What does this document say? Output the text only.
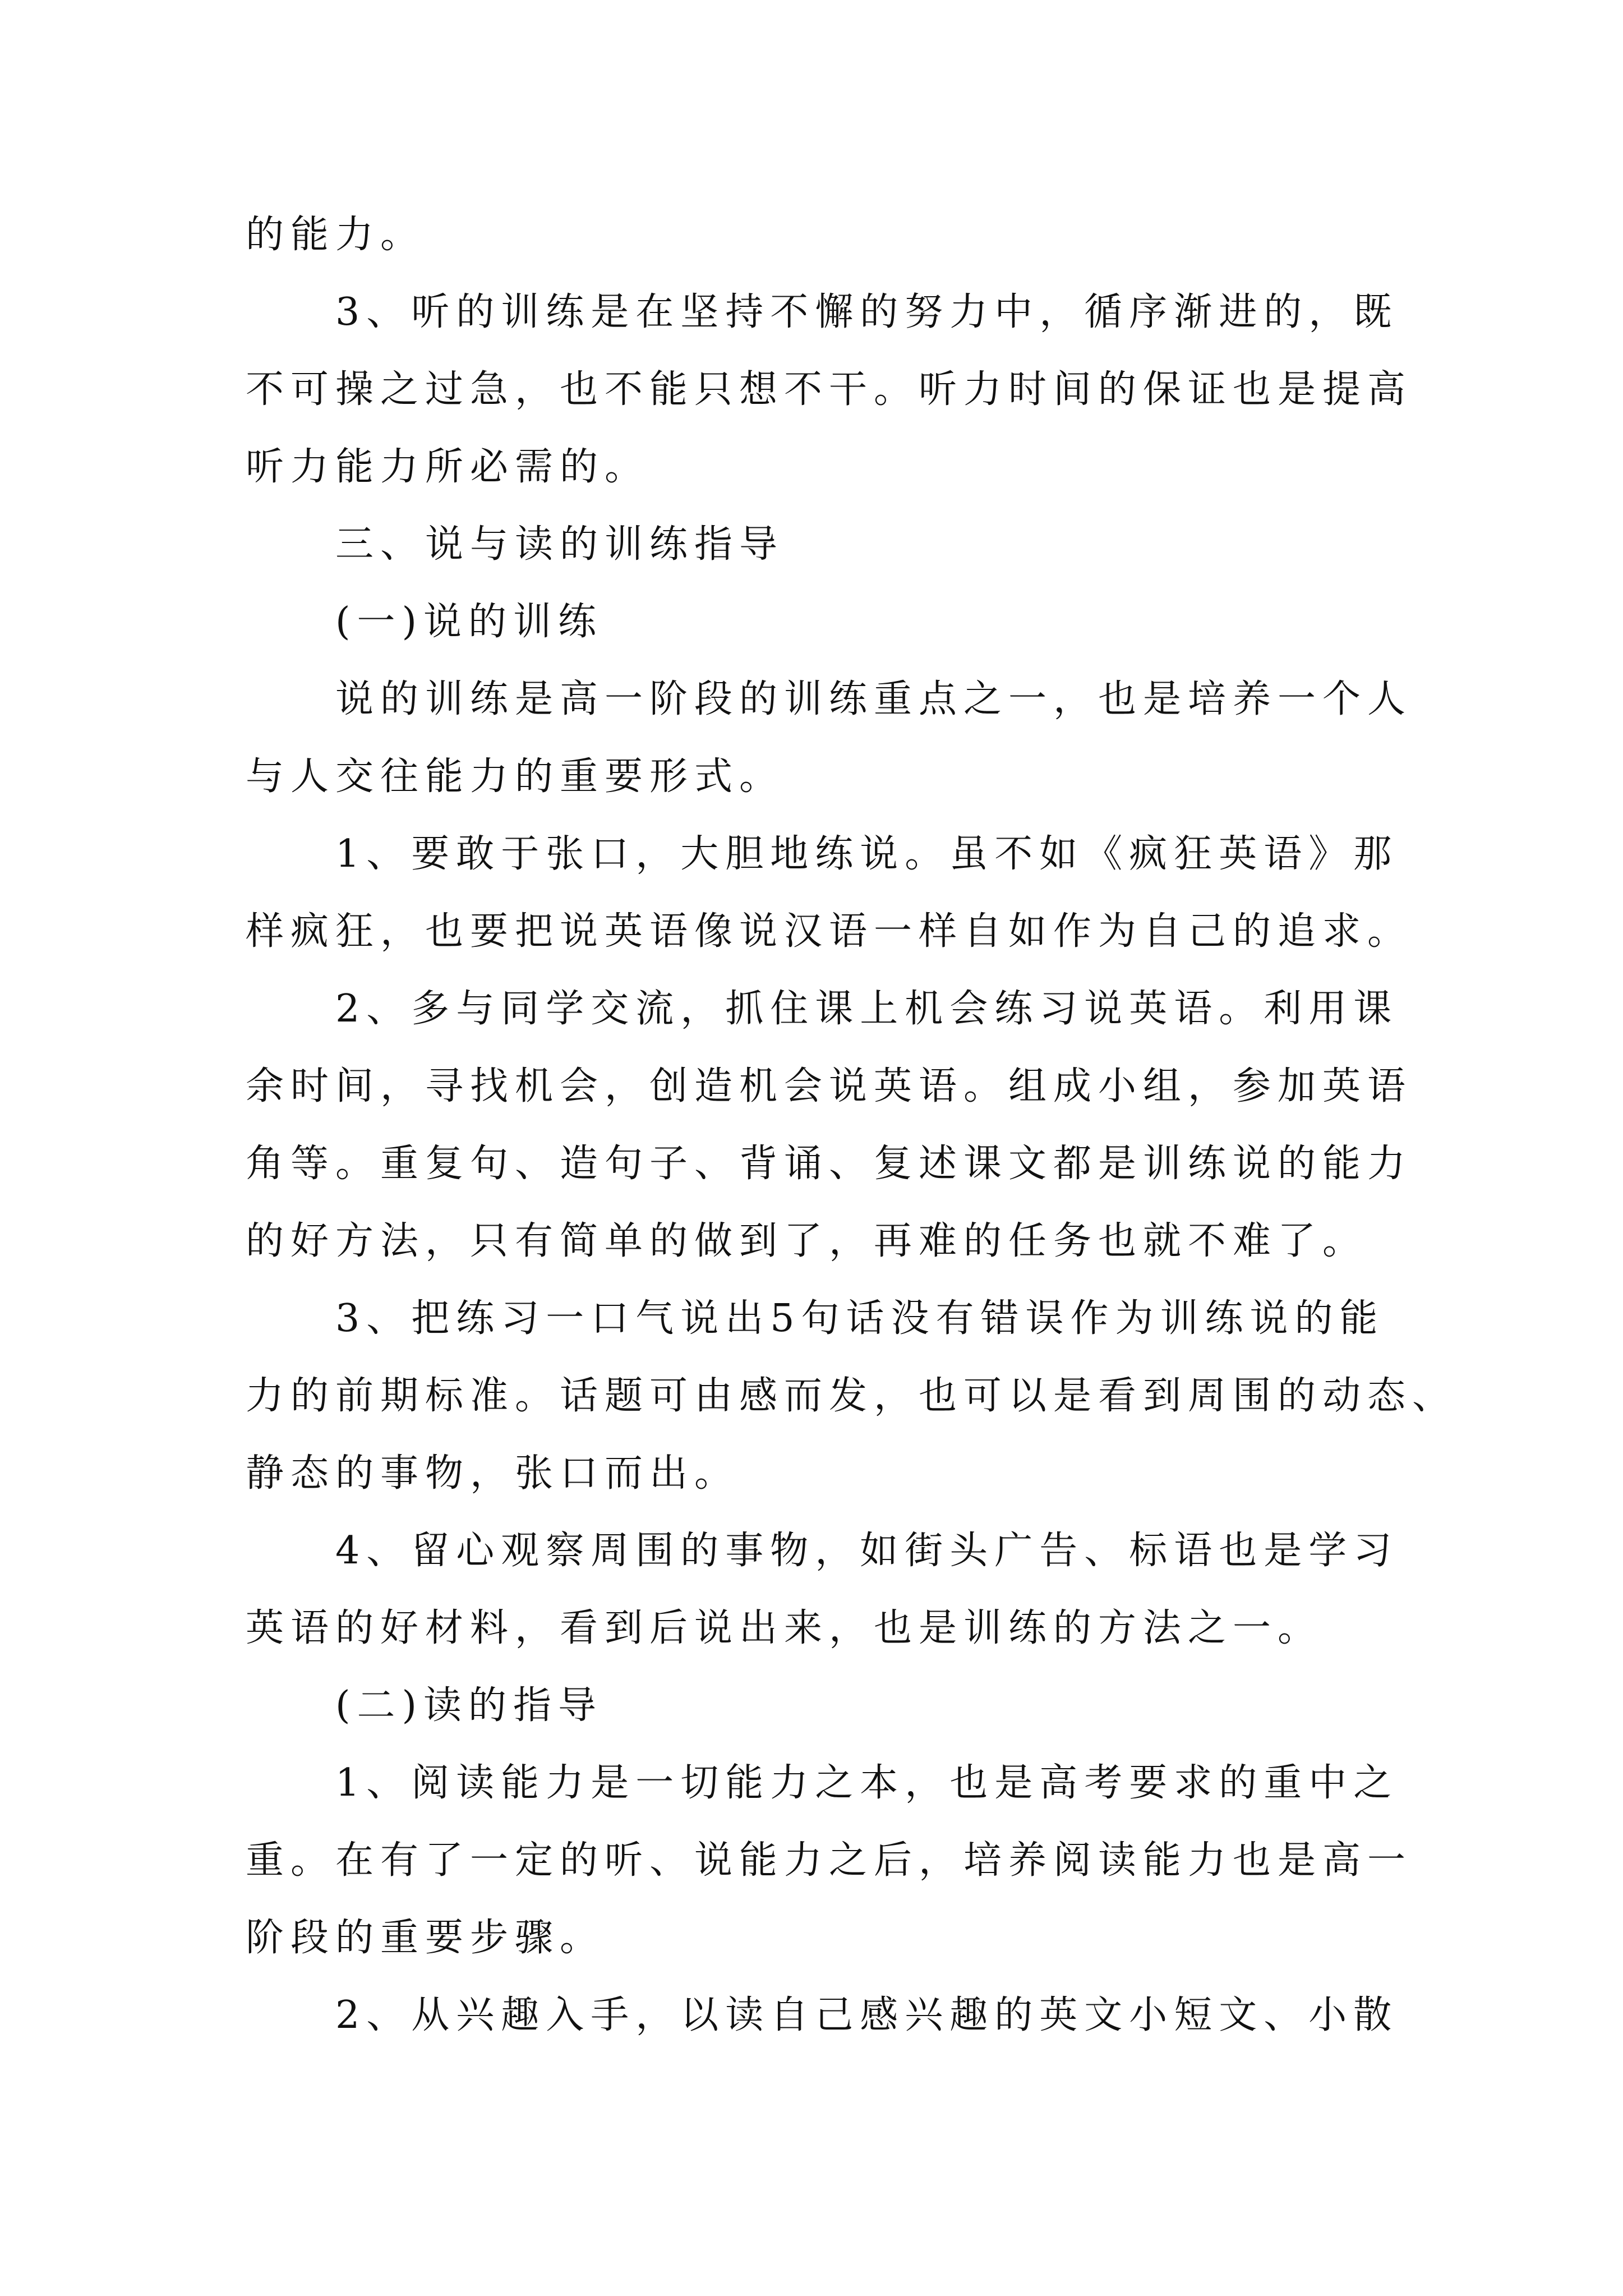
的能力。

3、听的训练是在坚持不懈的努力中，循序渐进的，既

不可操之过急，也不能只想不干。听力时间的保证也是提高

听力能力所必需的。

三、说与读的训练指导

(一)说的训练

说的训练是高一阶段的训练重点之一，也是培养一个人

与人交往能力的重要形式。

1、要敢于张口，大胆地练说。虽不如《疯狂英语》那

样疯狂，也要把说英语像说汉语一样自如作为自己的追求。

2、多与同学交流，抓住课上机会练习说英语。利用课

余时间，寻找机会，创造机会说英语。组成小组，参加英语

角等。重复句、造句子、背诵、复述课文都是训练说的能力

的好方法，只有简单的做到了，再难的任务也就不难了。

3、把练习一口气说出5句话没有错误作为训练说的能

力的前期标准。话题可由感而发，也可以是看到周围的动态、

静态的事物，张口而出。

4、留心观察周围的事物，如街头广告、标语也是学习

英语的好材料，看到后说出来，也是训练的方法之一。

(二)读的指导

1、阅读能力是一切能力之本，也是高考要求的重中之

重。在有了一定的听、说能力之后，培养阅读能力也是高一

阶段的重要步骤。

2、从兴趣入手，以读自己感兴趣的英文小短文、小散
